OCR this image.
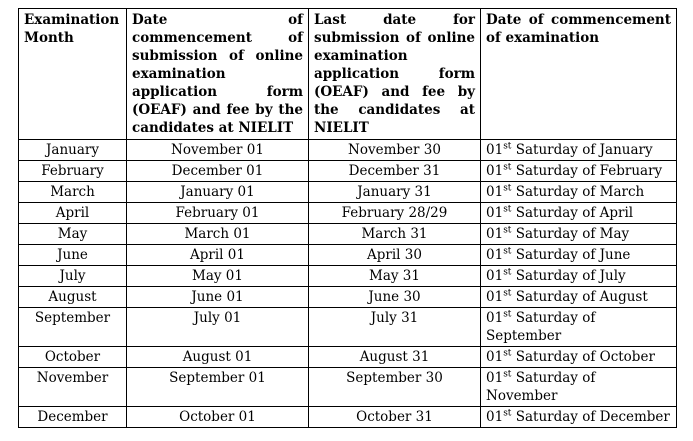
Examination Month	Date of commencement of submission of online examination application form (OEAF) and fee by the candidates at NIELIT	Last date for submission of online examination application form (OEAF) and fee by the candidates at NIELIT	Date of commencement of examination
January	November 01	November 30	01st Saturday of January
February	December 01	December 31	01st Saturday of February
March	January 01	January 31	01st Saturday of March
April	February 01	February 28/29	01st Saturday of April
May	March 01	March 31	01st Saturday of May
June	April 01	April 30	01st Saturday of June
July	May 01	May 31	01st Saturday of July
August	June 01	June 30	01st Saturday of August
September	July 01	July 31	01st Saturday of September
October	August 01	August 31	01st Saturday of October
November	September 01	September 30	01st Saturday of November
December	October 01	October 31	01st Saturday of December
